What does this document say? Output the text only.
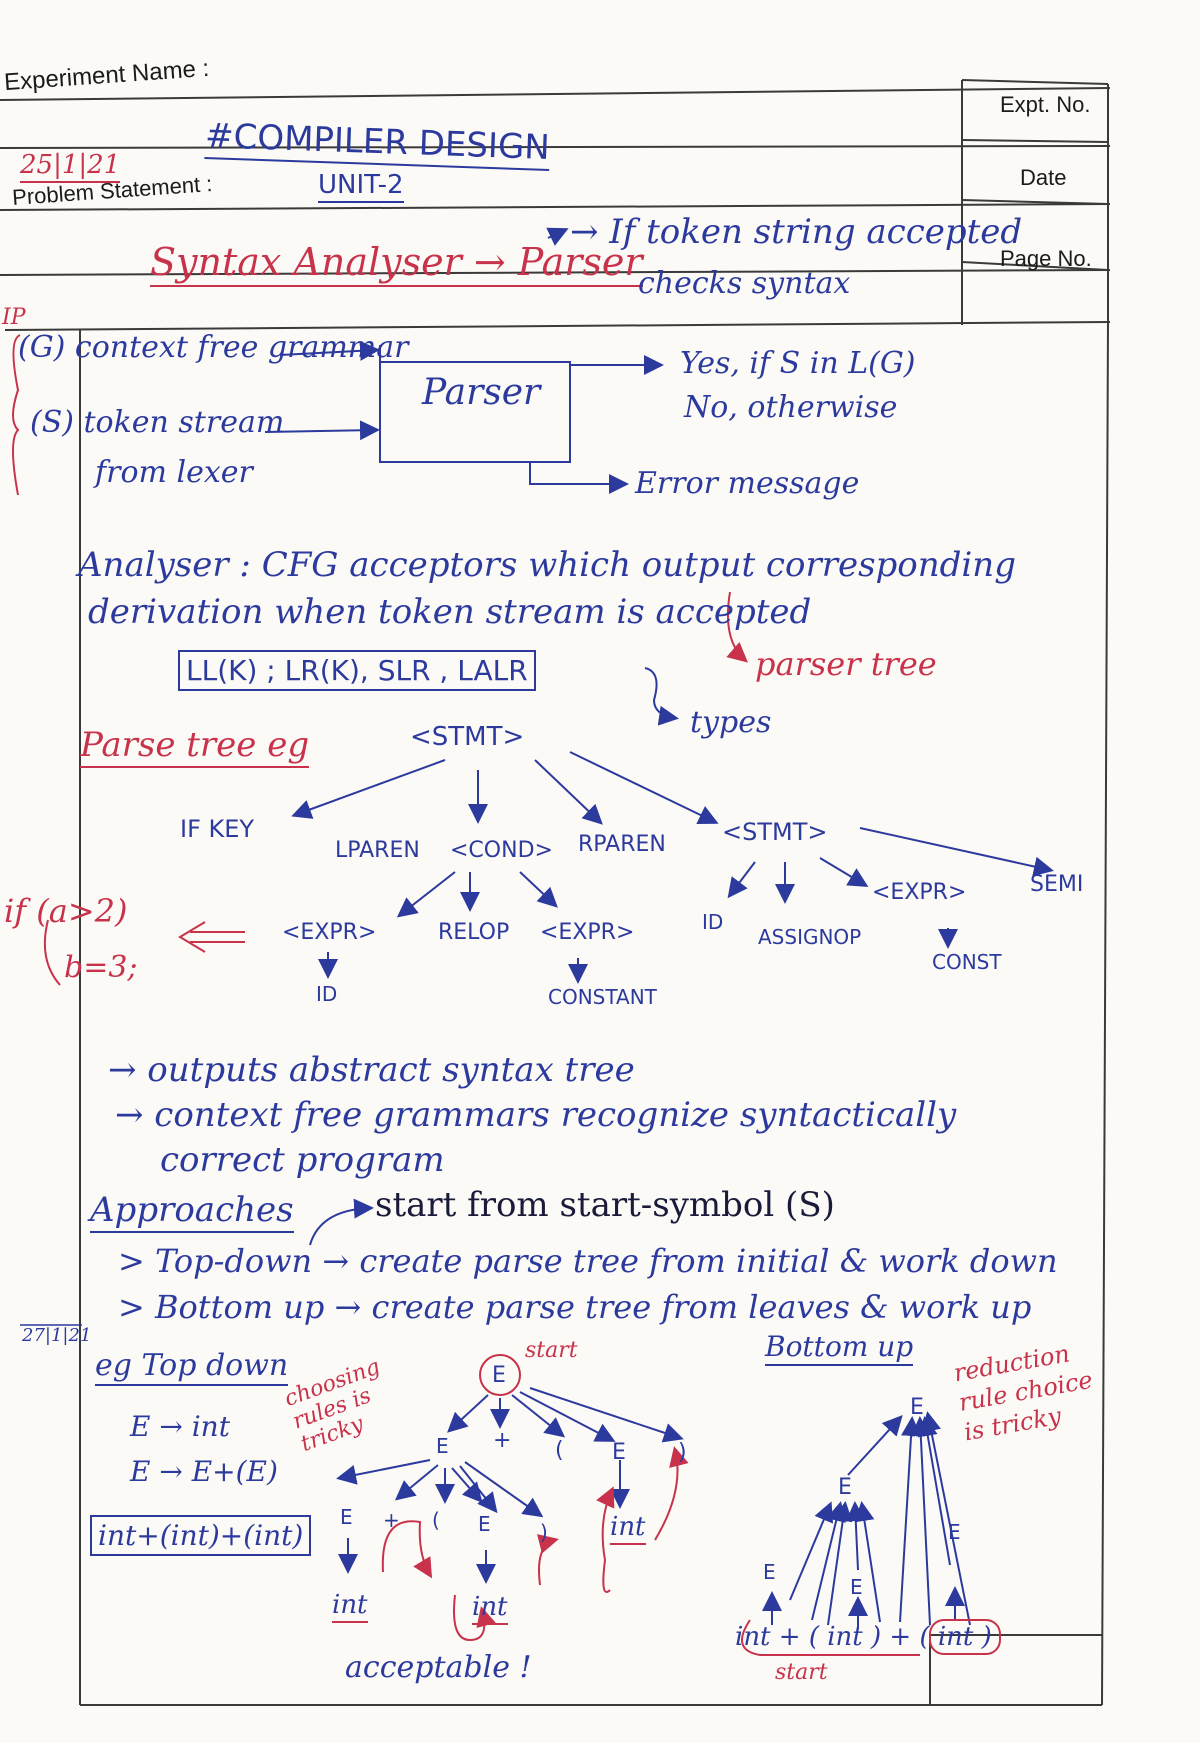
Experiment Name :
Expt. No.
Date
Page No.
Problem Statement :
25|1|21 #COMPILER DESIGN
UNIT-2
Syntax Analyser → Parser
→ If token string accepted
checks syntax
IP
(G) context free grammar
(S) token stream
from lexer
Parser
Yes, if S in L(G)
No, otherwise
Error message
Analyser : CFG acceptors which output corresponding
derivation when token stream is accepted
parser tree
LL(K) ; LR(K), SLR , LALR
types
Parse tree eg	<STMT>
IF KEY
LPAREN <COND> RPAREN <STMT>
SEMI
<EXPR>	RELOP <EXPR>
ID	CONSTANT
ID
ASSIGNOP
<EXPR>
CONST
if (a>2)
b=3;
→ outputs abstract syntax tree
→ context free grammars recognize syntactically
correct program
Approaches start from start-symbol (S)
> Top-down → create parse tree from initial & work down
> Bottom up → create parse tree from leaves & work up
27|1|21
eg Top down
E → int
E → E+(E)
int+(int)+(int)
choosing rules is tricky
start
acceptable !
Bottom up reduction rule choice is tricky
start
int + ( int ) + ( int )
E
+ ( E )
E
E + ( E )
int	int
int
E
E
E
E
E
